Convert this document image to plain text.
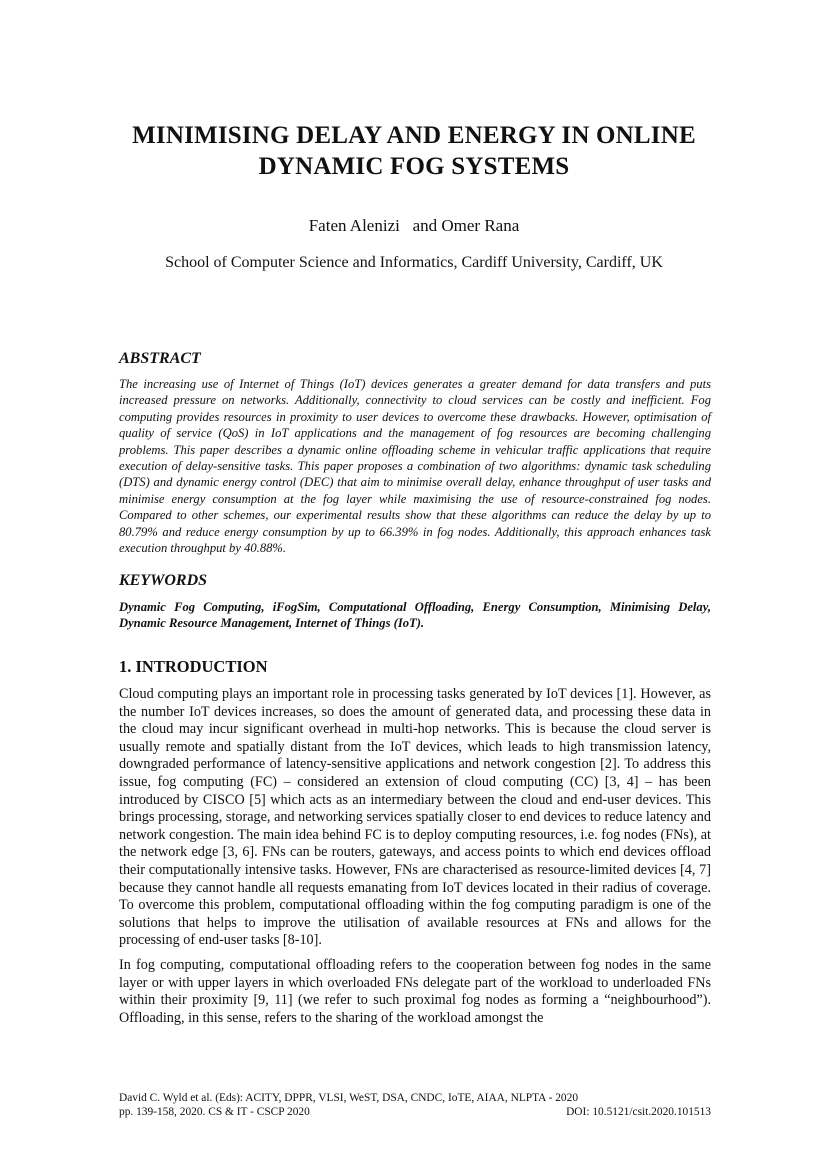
MINIMISING DELAY AND ENERGY IN ONLINE
DYNAMIC FOG SYSTEMS
Faten Alenizi   and Omer Rana
School of Computer Science and Informatics, Cardiff University, Cardiff, UK
ABSTRACT
The increasing use of Internet of Things (IoT) devices generates a greater demand for data transfers and puts increased pressure on networks. Additionally, connectivity to cloud services can be costly and inefficient. Fog computing provides resources in proximity to user devices to overcome these drawbacks. However, optimisation of quality of service (QoS) in IoT applications and the management of fog resources are becoming challenging problems. This paper describes a dynamic online offloading scheme in vehicular traffic applications that require execution of delay-sensitive tasks. This paper proposes a combination of two algorithms: dynamic task scheduling (DTS) and dynamic energy control (DEC) that aim to minimise overall delay, enhance throughput of user tasks and minimise energy consumption at the fog layer while maximising the use of resource-constrained fog nodes. Compared to other schemes, our experimental results show that these algorithms can reduce the delay by up to 80.79% and reduce energy consumption by up to 66.39% in fog nodes. Additionally, this approach enhances task execution throughput by 40.88%.
KEYWORDS
Dynamic Fog Computing, iFogSim, Computational Offloading, Energy Consumption, Minimising Delay, Dynamic Resource Management, Internet of Things (IoT).
1. INTRODUCTION

Cloud computing plays an important role in processing tasks generated by IoT devices [1]. However, as the number IoT devices increases, so does the amount of generated data, and processing these data in the cloud may incur significant overhead in multi-hop networks. This is because the cloud server is usually remote and spatially distant from the IoT devices, which leads to high transmission latency, downgraded performance of latency-sensitive applications and network congestion [2]. To address this issue, fog computing (FC) – considered an extension of cloud computing (CC) [3, 4] – has been introduced by CISCO [5] which acts as an intermediary between the cloud and end-user devices. This brings processing, storage, and networking services spatially closer to end devices to reduce latency and network congestion. The main idea behind FC is to deploy computing resources, i.e. fog nodes (FNs), at the network edge [3, 6]. FNs can be routers, gateways, and access points to which end devices offload their computationally intensive tasks. However, FNs are characterised as resource-limited devices [4, 7] because they cannot handle all requests emanating from IoT devices located in their radius of coverage. To overcome this problem, computational offloading within the fog computing paradigm is one of the solutions that helps to improve the utilisation of available resources at FNs and allows for the processing of end-user tasks [8-10].

In fog computing, computational offloading refers to the cooperation between fog nodes in the same layer or with upper layers in which overloaded FNs delegate part of the workload to underloaded FNs within their proximity [9, 11] (we refer to such proximal fog nodes as forming a “neighbourhood”). Offloading, in this sense, refers to the sharing of the workload amongst the

David C. Wyld et al. (Eds): ACITY, DPPR, VLSI, WeST, DSA, CNDC, IoTE, AIAA, NLPTA - 2020
pp. 139-158, 2020. CS & IT - CSCP 2020	DOI: 10.5121/csit.2020.101513
